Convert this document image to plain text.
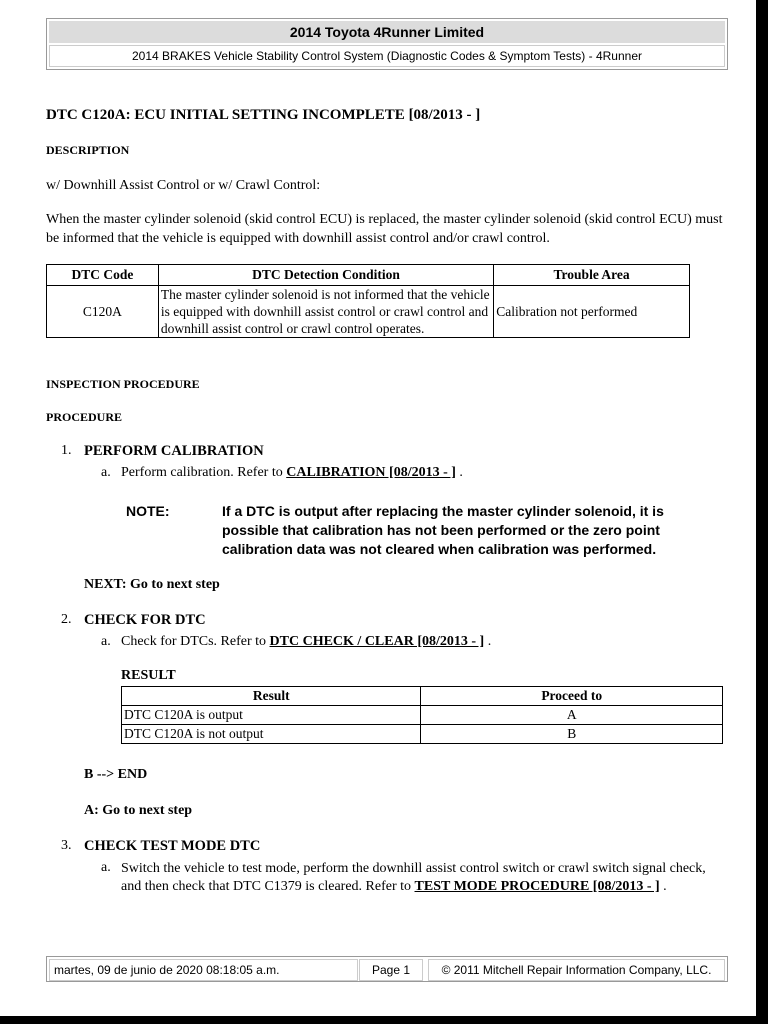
2014 Toyota 4Runner Limited
2014 BRAKES Vehicle Stability Control System (Diagnostic Codes & Symptom Tests) - 4Runner
DTC C120A: ECU INITIAL SETTING INCOMPLETE [08/2013 - ]
DESCRIPTION
w/ Downhill Assist Control or w/ Crawl Control:
When the master cylinder solenoid (skid control ECU) is replaced, the master cylinder solenoid (skid control ECU) must be informed that the vehicle is equipped with downhill assist control and/or crawl control.
DTC Code	DTC Detection Condition	Trouble Area
C120A	The master cylinder solenoid is not informed that the vehicle is equipped with downhill assist control or crawl control and downhill assist control or crawl control operates.	Calibration not performed
INSPECTION PROCEDURE
PROCEDURE
1. PERFORM CALIBRATION
a. Perform calibration. Refer to CALIBRATION [08/2013 - ] .
NOTE:	If a DTC is output after replacing the master cylinder solenoid, it is possible that calibration has not been performed or the zero point calibration data was not cleared when calibration was performed.
NEXT: Go to next step
2. CHECK FOR DTC
a. Check for DTCs. Refer to DTC CHECK / CLEAR [08/2013 - ] .
RESULT
Result	Proceed to
DTC C120A is output	A
DTC C120A is not output	B
B --> END
A: Go to next step
3. CHECK TEST MODE DTC
a. Switch the vehicle to test mode, perform the downhill assist control switch or crawl switch signal check, and then check that DTC C1379 is cleared. Refer to TEST MODE PROCEDURE [08/2013 - ] .
martes, 09 de junio de 2020 08:18:05 a.m.	Page 1	© 2011 Mitchell Repair Information Company, LLC.
